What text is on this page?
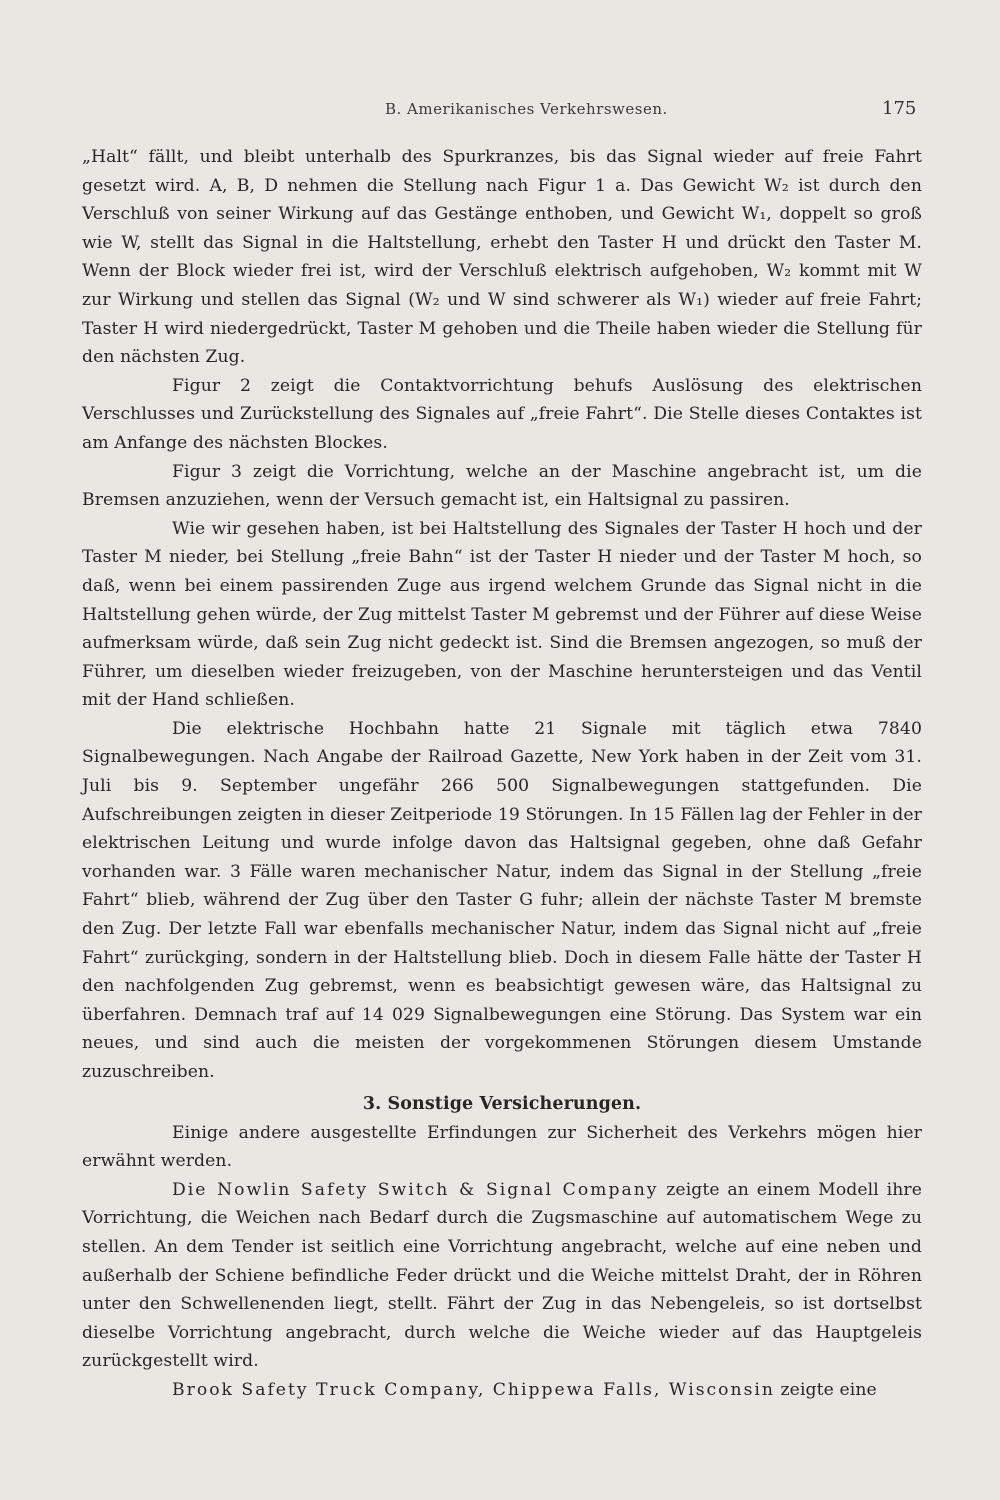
B. Amerikanisches Verkehrswesen.	175

„Halt“ fällt, und bleibt unterhalb des Spurkranzes, bis das Signal wieder auf freie Fahrt gesetzt wird. A, B, D nehmen die Stellung nach Figur 1 a. Das Gewicht W₂ ist durch den Verschluß von seiner Wirkung auf das Gestänge enthoben, und Gewicht W₁, doppelt so groß wie W, stellt das Signal in die Haltstellung, erhebt den Taster H und drückt den Taster M. Wenn der Block wieder frei ist, wird der Verschluß elektrisch aufgehoben, W₂ kommt mit W zur Wirkung und stellen das Signal (W₂ und W sind schwerer als W₁) wieder auf freie Fahrt; Taster H wird niedergedrückt, Taster M gehoben und die Theile haben wieder die Stellung für den nächsten Zug.

Figur 2 zeigt die Contaktvorrichtung behufs Auslösung des elektrischen Verschlusses und Zurückstellung des Signales auf „freie Fahrt“. Die Stelle dieses Contaktes ist am Anfange des nächsten Blockes.

Figur 3 zeigt die Vorrichtung, welche an der Maschine angebracht ist, um die Bremsen anzuziehen, wenn der Versuch gemacht ist, ein Haltsignal zu passiren.

Wie wir gesehen haben, ist bei Haltstellung des Signales der Taster H hoch und der Taster M nieder, bei Stellung „freie Bahn“ ist der Taster H nieder und der Taster M hoch, so daß, wenn bei einem passirenden Zuge aus irgend welchem Grunde das Signal nicht in die Haltstellung gehen würde, der Zug mittelst Taster M gebremst und der Führer auf diese Weise aufmerksam würde, daß sein Zug nicht gedeckt ist. Sind die Bremsen angezogen, so muß der Führer, um dieselben wieder freizugeben, von der Maschine heruntersteigen und das Ventil mit der Hand schließen.

Die elektrische Hochbahn hatte 21 Signale mit täglich etwa 7840 Signalbewegungen. Nach Angabe der Railroad Gazette, New York haben in der Zeit vom 31. Juli bis 9. September ungefähr 266 500 Signalbewegungen stattgefunden. Die Aufschreibungen zeigten in dieser Zeitperiode 19 Störungen. In 15 Fällen lag der Fehler in der elektrischen Leitung und wurde infolge davon das Haltsignal gegeben, ohne daß Gefahr vorhanden war. 3 Fälle waren mechanischer Natur, indem das Signal in der Stellung „freie Fahrt“ blieb, während der Zug über den Taster G fuhr; allein der nächste Taster M bremste den Zug. Der letzte Fall war ebenfalls mechanischer Natur, indem das Signal nicht auf „freie Fahrt“ zurückging, sondern in der Haltstellung blieb. Doch in diesem Falle hätte der Taster H den nachfolgenden Zug gebremst, wenn es beabsichtigt gewesen wäre, das Haltsignal zu überfahren. Demnach traf auf 14 029 Signalbewegungen eine Störung. Das System war ein neues, und sind auch die meisten der vorgekommenen Störungen diesem Umstande zuzuschreiben.

3. Sonstige Versicherungen.

Einige andere ausgestellte Erfindungen zur Sicherheit des Verkehrs mögen hier erwähnt werden.

Die Nowlin Safety Switch & Signal Company zeigte an einem Modell ihre Vorrichtung, die Weichen nach Bedarf durch die Zugsmaschine auf automatischem Wege zu stellen. An dem Tender ist seitlich eine Vorrichtung angebracht, welche auf eine neben und außerhalb der Schiene befindliche Feder drückt und die Weiche mittelst Draht, der in Röhren unter den Schwellenenden liegt, stellt. Fährt der Zug in das Nebengeleis, so ist dortselbst dieselbe Vorrichtung angebracht, durch welche die Weiche wieder auf das Hauptgeleis zurückgestellt wird.

Brook Safety Truck Company, Chippewa Falls, Wisconsin zeigte eine
